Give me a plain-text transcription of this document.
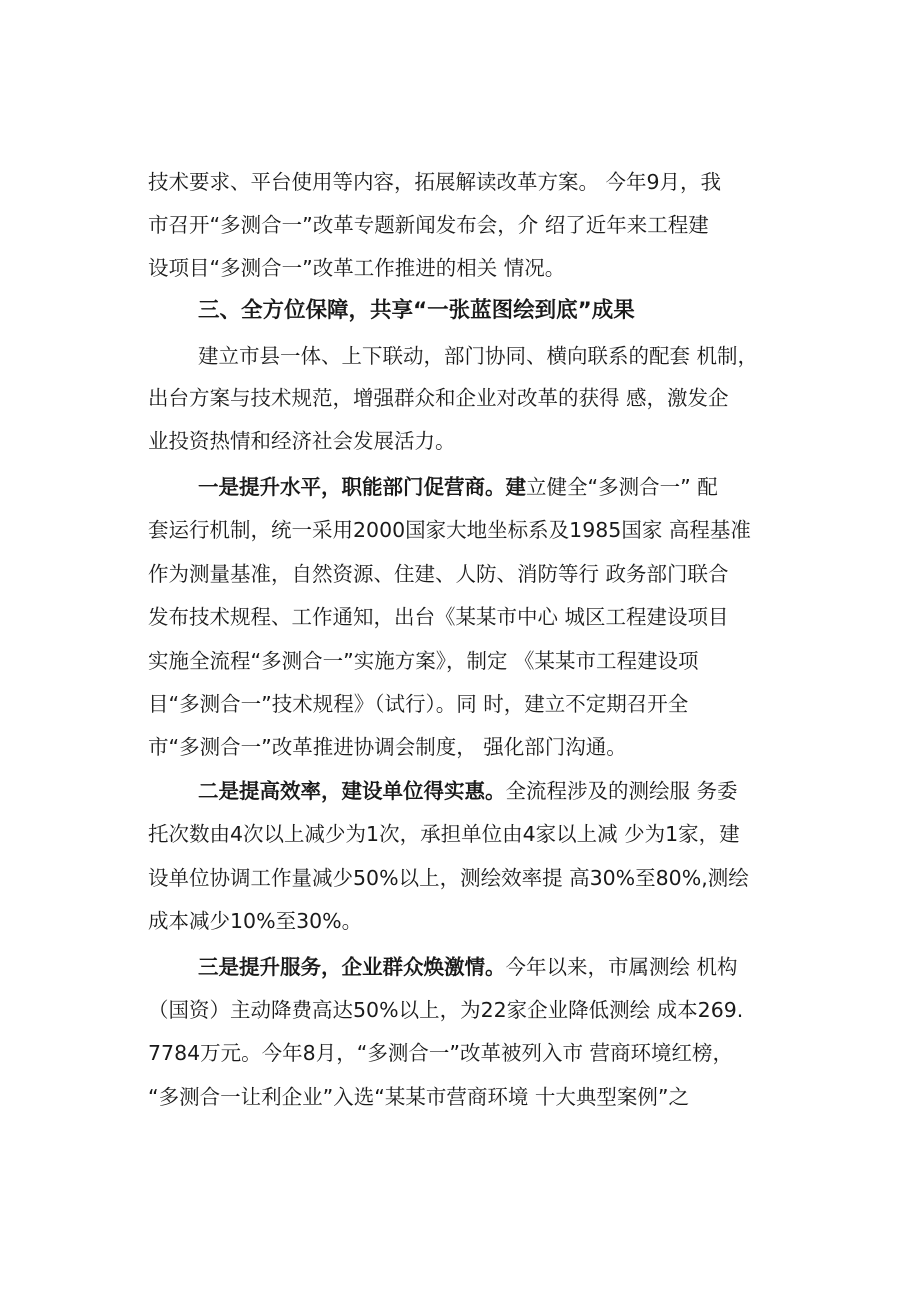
技术要求、平台使用等内容，拓展解读改革方案。 今年9月，我
市召开“多测合一”改革专题新闻发布会，介 绍了近年来工程建
设项目“多测合一”改革工作推进的相关 情况。
三、全方位保障，共享“一张蓝图绘到底”成果
建立市县一体、上下联动，部门协同、横向联系的配套 机制，
出台方案与技术规范，增强群众和企业对改革的获得 感，激发企
业投资热情和经济社会发展活力。
一是提升水平，职能部门促营商。建立健全“多测合一” 配
套运行机制，统一采用2000国家大地坐标系及1985国家 高程基准
作为测量基准，自然资源、住建、人防、消防等行 政务部门联合
发布技术规程、工作通知，出台《某某市中心 城区工程建设项目
实施全流程“多测合一”实施方案》，制定 《某某市工程建设项
目“多测合一”技术规程》（试行）。同 时，建立不定期召开全
市“多测合一”改革推进协调会制度， 强化部门沟通。
二是提高效率，建设单位得实惠。全流程涉及的测绘服 务委
托次数由4次以上减少为1次，承担单位由4家以上减 少为1家，建
设单位协调工作量减少50%以上，测绘效率提 高30%至80%,测绘
成本减少10%至30%。
三是提升服务，企业群众焕激情。今年以来，市属测绘 机构
（国资）主动降费高达50%以上，为22家企业降低测绘 成本269.
7784万元。今年8月，“多测合一”改革被列入市 营商环境红榜，
“多测合一让利企业”入选“某某市营商环境 十大典型案例”之
